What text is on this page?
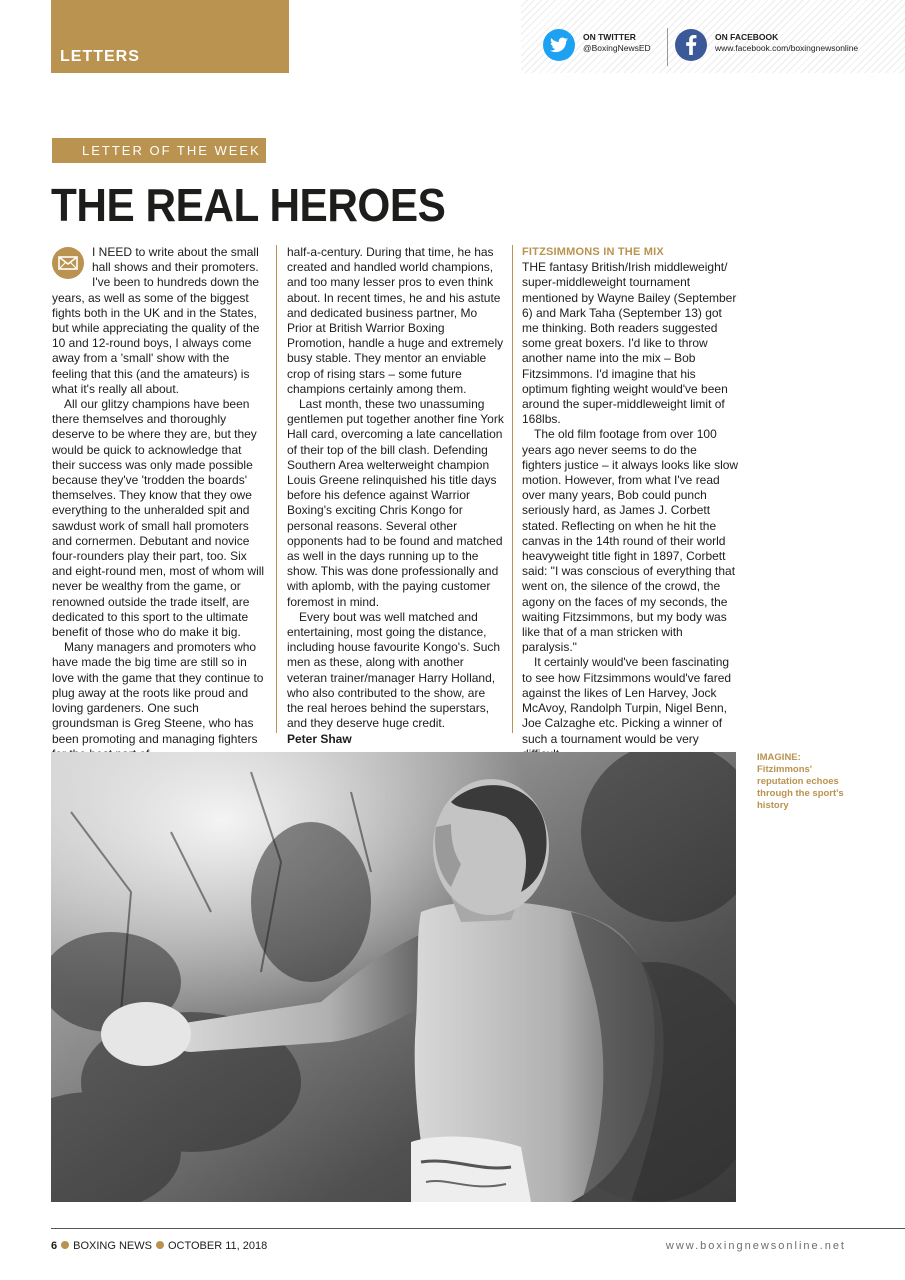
LETTERS
ON TWITTER
@BoxingNewsED
ON FACEBOOK
www.facebook.com/boxingnewsonline
LETTER OF THE WEEK
THE REAL HEROES

I NEED to write about the small hall shows and their promoters. I've been to hundreds down the years, as well as some of the biggest fights both in the UK and in the States, but while appreciating the quality of the 10 and 12-round boys, I always come away from a 'small' show with the feeling that this (and the amateurs) is what it's really all about.

All our glitzy champions have been there themselves and thoroughly deserve to be where they are, but they would be quick to acknowledge that their success was only made possible because they've 'trodden the boards' themselves. They know that they owe everything to the unheralded spit and sawdust work of small hall promoters and cornermen. Debutant and novice four-rounders play their part, too. Six and eight-round men, most of whom will never be wealthy from the game, or renowned outside the trade itself, are dedicated to this sport to the ultimate benefit of those who do make it big.

Many managers and promoters who have made the big time are still so in love with the game that they continue to plug away at the roots like proud and loving gardeners. One such groundsman is Greg Steene, who has been promoting and managing fighters

half-a-century. During that time, he has created and handled world champions, and too many lesser pros to even think about. In recent times, he and his astute and dedicated business partner, Mo Prior at British Warrior Boxing Promotion, handle a huge and extremely busy stable. They mentor an enviable crop of rising stars – some future champions certainly among them.

Last month, these two unassuming gentlemen put together another fine York Hall card, overcoming a late cancellation of their top of the bill clash. Defending Southern Area welterweight champion Louis Greene relinquished his title days before his defence against Warrior Boxing's exciting Chris Kongo for personal reasons. Several other opponents had to be found and matched as well in the days running up to the show. This was done professionally and with aplomb, with the paying customer foremost in mind.

Every bout was well matched and entertaining, most going the distance, including house favourite Kongo's. Such men as these, along with another veteran trainer/manager Harry Holland, who also contributed to the show, are the real heroes behind the superstars, and they deserve huge credit.

Peter Shaw
FITZSIMMONS IN THE MIX

THE fantasy British/Irish middleweight/ super-middleweight tournament mentioned by Wayne Bailey (September 6) and Mark Taha (September 13) got me thinking. Both readers suggested some great boxers. I'd like to throw another name into the mix – Bob Fitzsimmons. I'd imagine that his optimum fighting weight would've been around the super-middleweight limit of 168lbs.

The old film footage from over 100 years ago never seems to do the fighters justice – it always looks like slow motion. However, from what I've read over many years, Bob could punch seriously hard, as James J. Corbett stated. Reflecting on when he hit the canvas in the 14th round of their world heavyweight title fight in 1897, Corbett said: "I was conscious of everything that went on, the silence of the crowd, the agony on the faces of my seconds, the waiting Fitzsimmons, but my body was like that of a man stricken with paralysis."

It certainly would've been fascinating to see how Fitzsimmons would've fared against the likes of Len Harvey, Jock McAvoy, Randolph Turpin, Nigel Benn, Joe Calzaghe etc. Picking a winner of such a tournament would be very

IMAGINE:
Fitzimmons'
reputation echoes
through the sport's
history
6 BOXING NEWS OCTOBER 11, 2018	www.boxingnewsonline.net
